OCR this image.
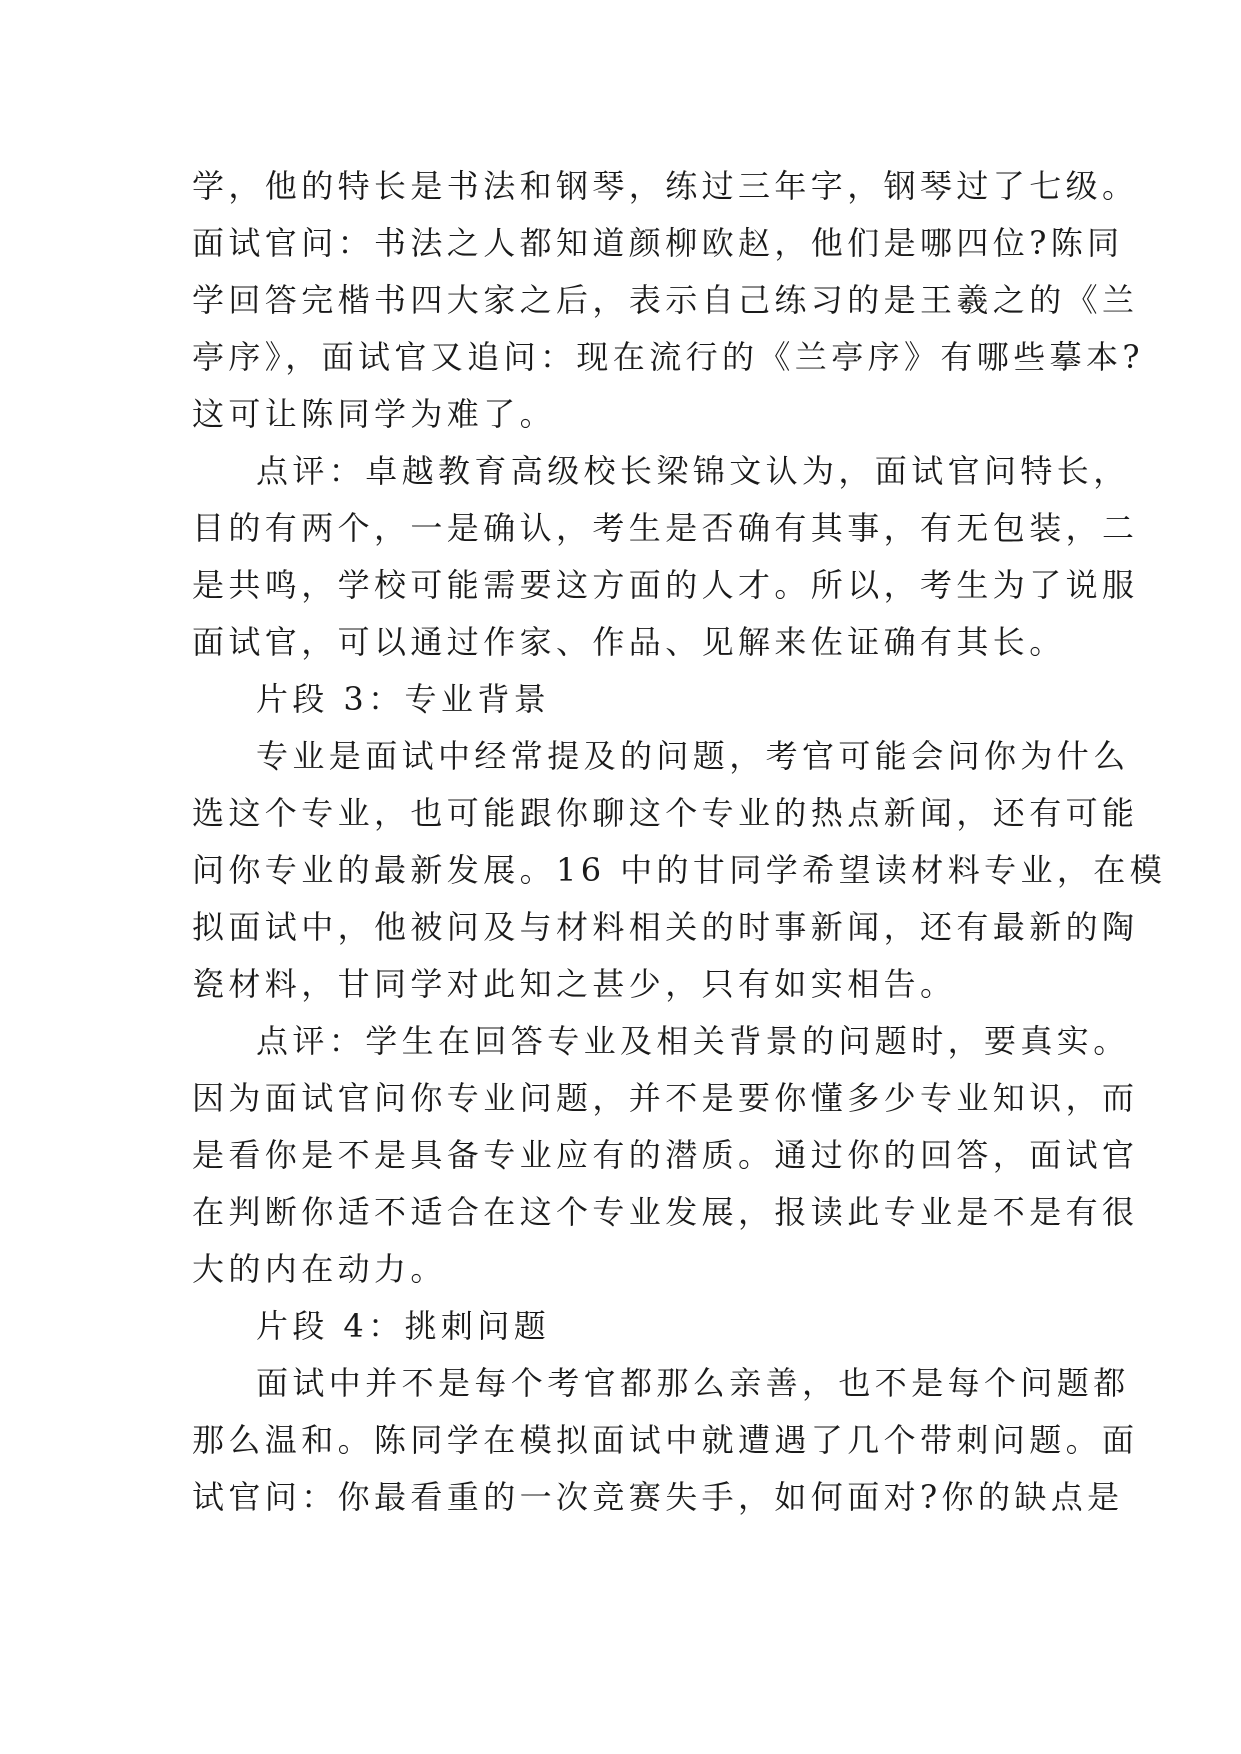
学，他的特长是书法和钢琴，练过三年字，钢琴过了七级。
面试官问：书法之人都知道颜柳欧赵，他们是哪四位?陈同
学回答完楷书四大家之后，表示自己练习的是王羲之的《兰
亭序》，面试官又追问：现在流行的《兰亭序》有哪些摹本?
这可让陈同学为难了。
点评：卓越教育高级校长梁锦文认为，面试官问特长，
目的有两个，一是确认，考生是否确有其事，有无包装，二
是共鸣，学校可能需要这方面的人才。所以，考生为了说服
面试官，可以通过作家、作品、见解来佐证确有其长。
片段 3：专业背景
专业是面试中经常提及的问题，考官可能会问你为什么
选这个专业，也可能跟你聊这个专业的热点新闻，还有可能
问你专业的最新发展。16 中的甘同学希望读材料专业，在模
拟面试中，他被问及与材料相关的时事新闻，还有最新的陶
瓷材料，甘同学对此知之甚少，只有如实相告。
点评：学生在回答专业及相关背景的问题时，要真实。
因为面试官问你专业问题，并不是要你懂多少专业知识，而
是看你是不是具备专业应有的潜质。通过你的回答，面试官
在判断你适不适合在这个专业发展，报读此专业是不是有很
大的内在动力。
片段 4：挑刺问题
面试中并不是每个考官都那么亲善，也不是每个问题都
那么温和。陈同学在模拟面试中就遭遇了几个带刺问题。面
试官问：你最看重的一次竞赛失手，如何面对?你的缺点是
